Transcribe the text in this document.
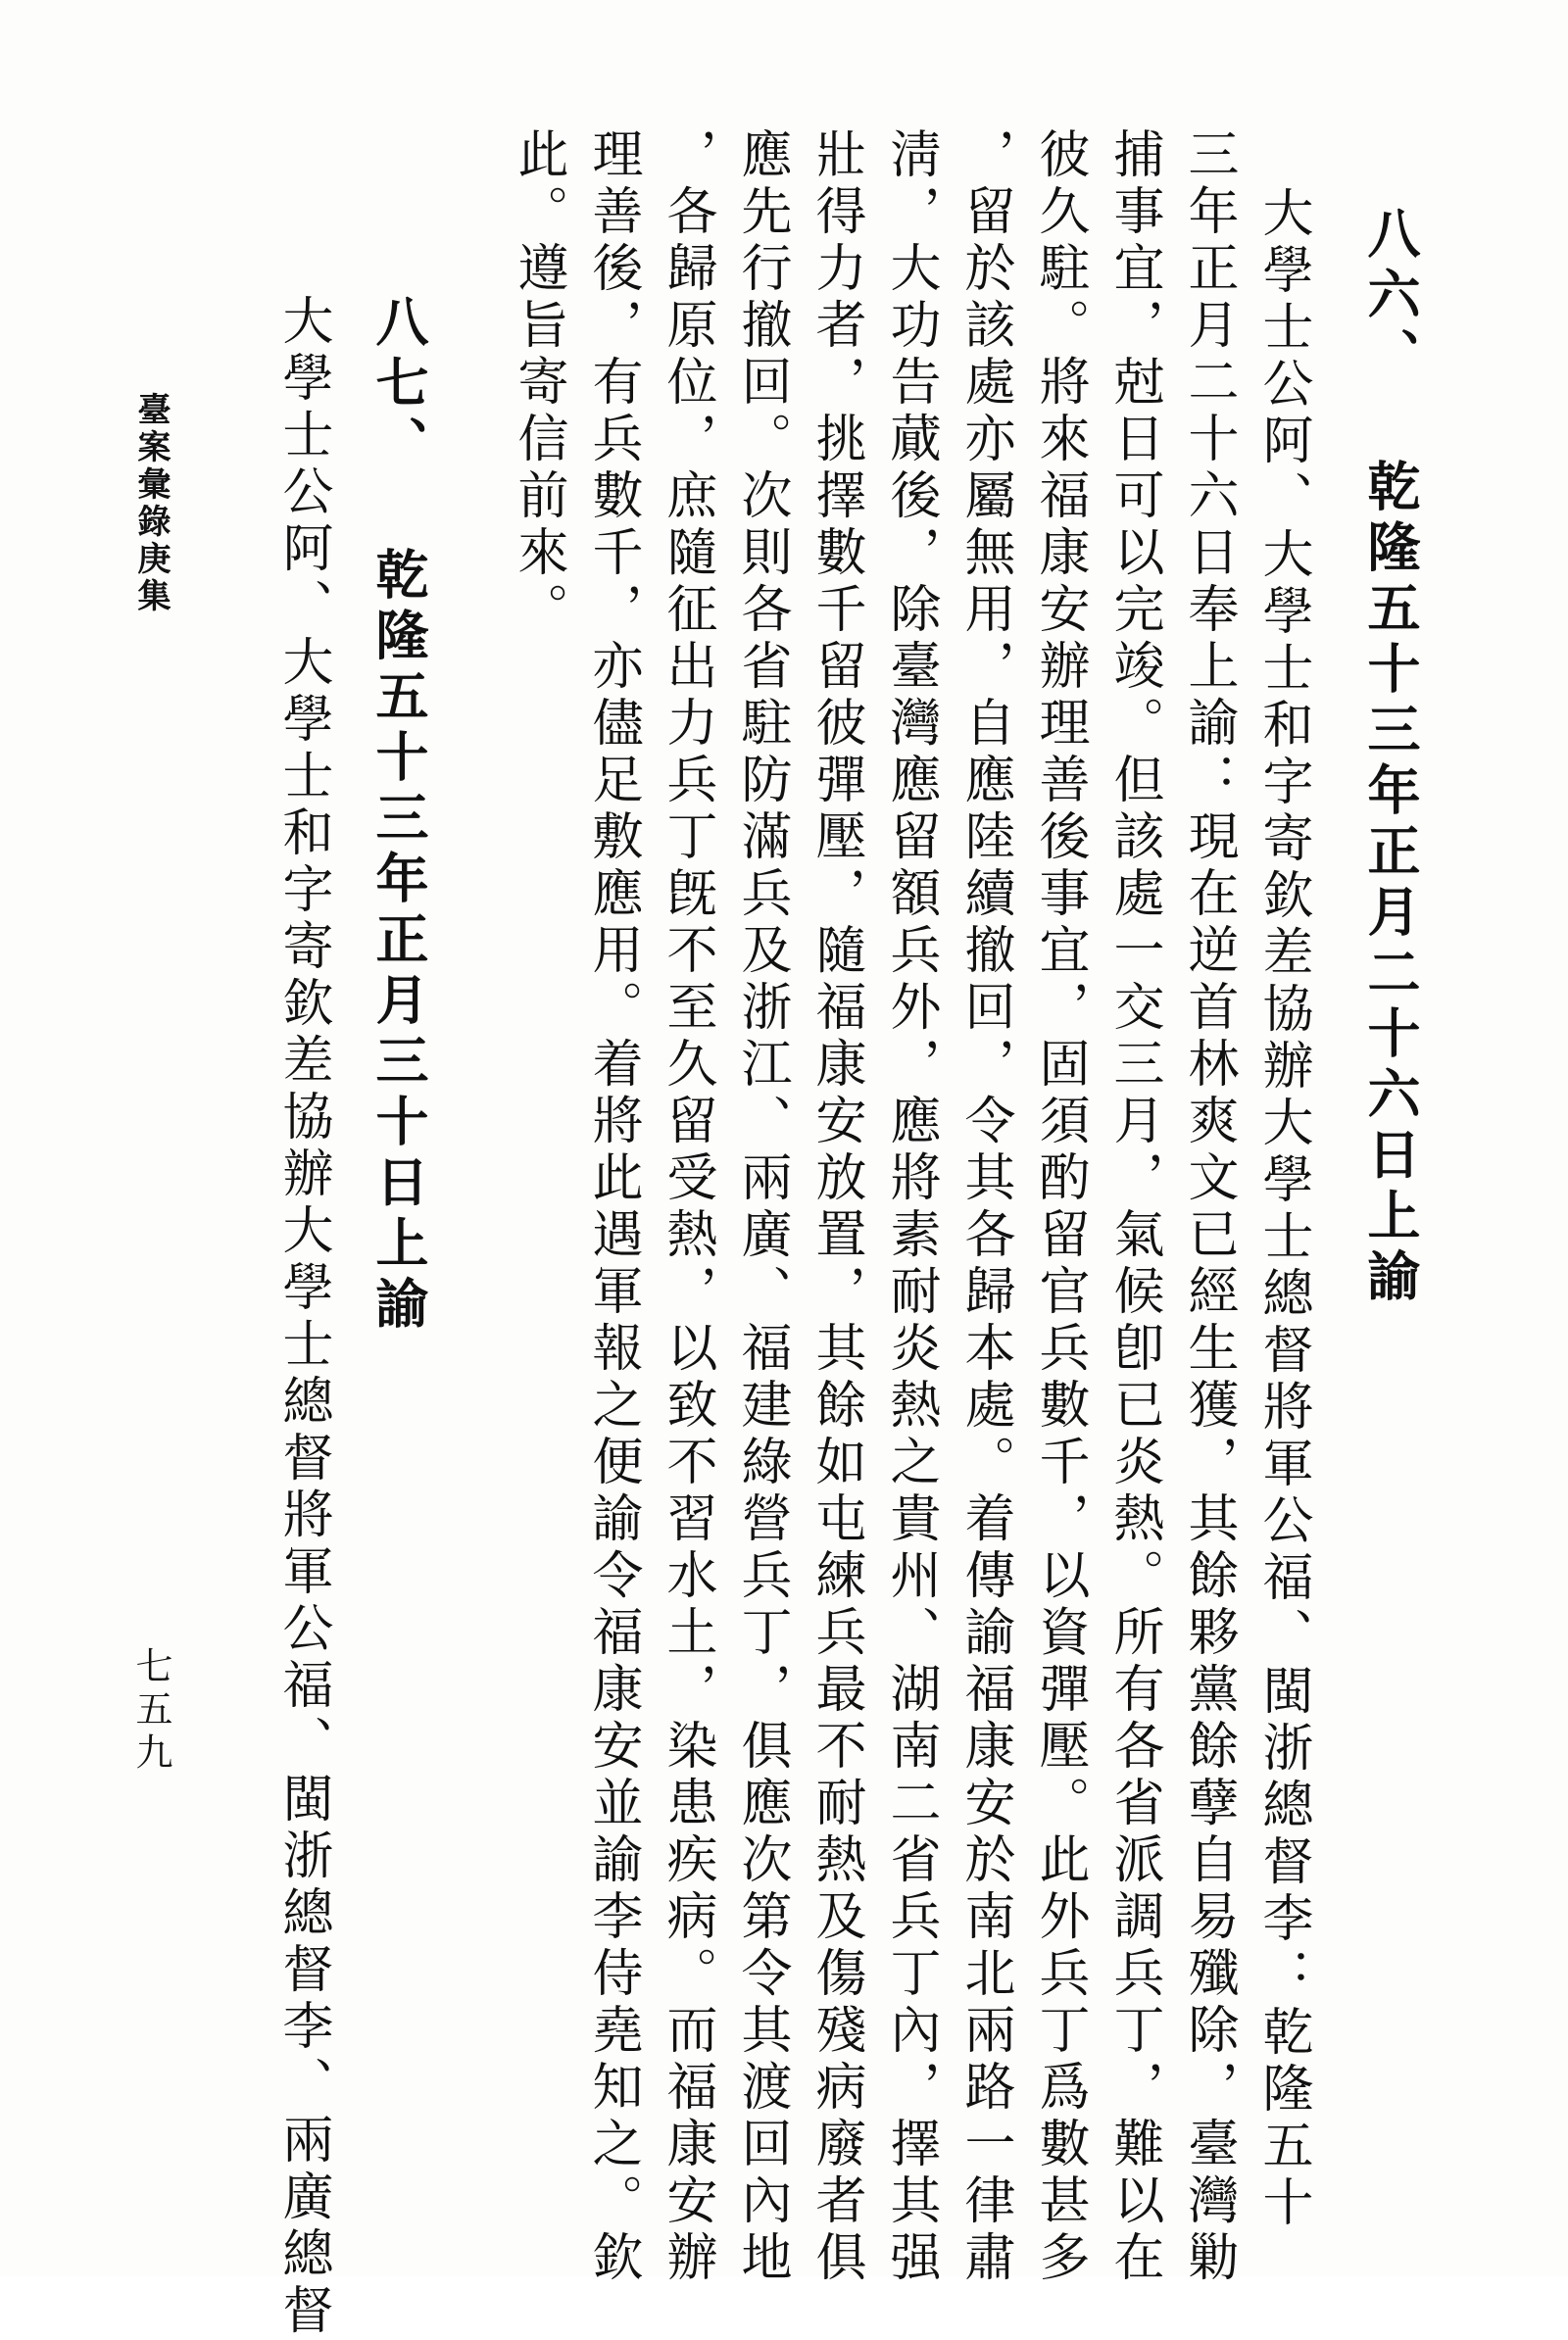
八六、 乾隆五十三年正月二十六日上諭
大學士公阿、大學士和字寄欽差協辦大學士總督將軍公福、閩浙總督李：乾隆五十
三年正月二十六日奉上諭：現在逆首林爽文已經生獲，其餘夥黨餘孽自易殲除，臺灣勦
捕事宜，尅日可以完竣。但該處一交三月，氣候卽已炎熱。所有各省派調兵丁，難以在
彼久駐。將來福康安辦理善後事宜，固須酌留官兵數千，以資彈壓。此外兵丁爲數甚多
，留於該處亦屬無用，自應陸續撤回，令其各歸本處。着傳諭福康安於南北兩路一律肅
淸，大功告蕆後，除臺灣應留額兵外，應將素耐炎熱之貴州、湖南二省兵丁內，擇其强
壯得力者，挑擇數千留彼彈壓，隨福康安放置，其餘如屯練兵最不耐熱及傷殘病廢者俱
應先行撤回。次則各省駐防滿兵及浙江、兩廣、福建綠營兵丁，俱應次第令其渡回內地
，各歸原位，庶隨征出力兵丁旣不至久留受熱，以致不習水土，染患疾病。而福康安辦
理善後，有兵數千，亦儘足敷應用。着將此遇軍報之便諭令福康安並諭李侍堯知之。欽
此。遵旨寄信前來。
八七、 乾隆五十三年正月三十日上諭
大學士公阿、大學士和字寄欽差協辦大學士總督將軍公福、閩浙總督李、兩廣總督
臺案彙錄庚集
七五九
